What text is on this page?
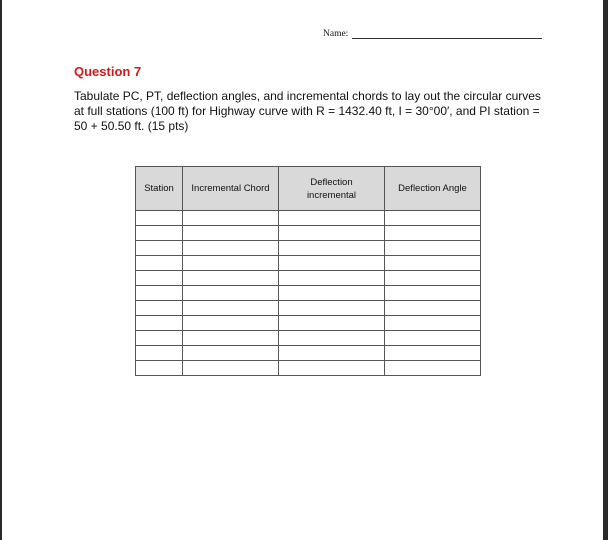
Name:
Question 7
Tabulate PC, PT, deflection angles, and incremental chords to lay out the circular curves at full stations (100 ft) for Highway curve with R = 1432.40 ft, I = 30°00′, and PI station = 50 + 50.50 ft. (15 pts)
Station	Incremental Chord	Deflection incremental	Deflection Angle
